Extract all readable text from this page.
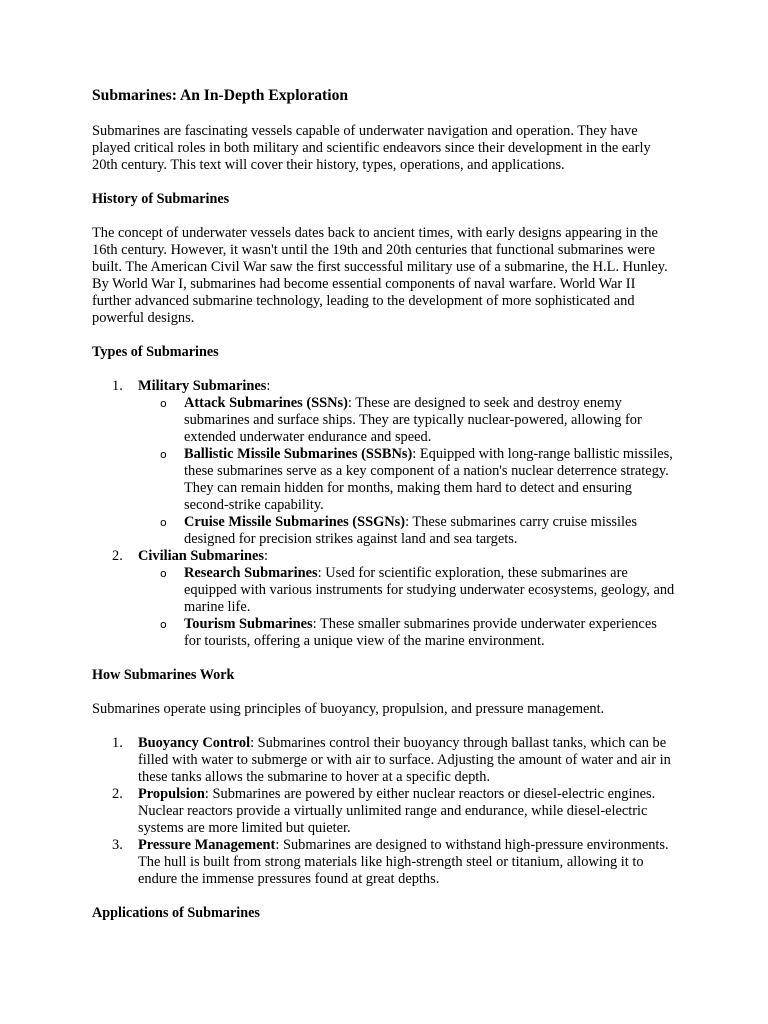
Submarines: An In-Depth Exploration

Submarines are fascinating vessels capable of underwater navigation and operation. They have played critical roles in both military and scientific endeavors since their development in the early 20th century. This text will cover their history, types, operations, and applications.

History of Submarines

The concept of underwater vessels dates back to ancient times, with early designs appearing in the 16th century. However, it wasn't until the 19th and 20th centuries that functional submarines were built. The American Civil War saw the first successful military use of a submarine, the H.L. Hunley. By World War I, submarines had become essential components of naval warfare. World War II further advanced submarine technology, leading to the development of more sophisticated and powerful designs.

Types of Submarines
1. Military Submarines:
o Attack Submarines (SSNs): These are designed to seek and destroy enemy submarines and surface ships. They are typically nuclear-powered, allowing for extended underwater endurance and speed.
o Ballistic Missile Submarines (SSBNs): Equipped with long-range ballistic missiles, these submarines serve as a key component of a nation's nuclear deterrence strategy. They can remain hidden for months, making them hard to detect and ensuring second-strike capability.
o Cruise Missile Submarines (SSGNs): These submarines carry cruise missiles designed for precision strikes against land and sea targets.
2. Civilian Submarines:
o Research Submarines: Used for scientific exploration, these submarines are equipped with various instruments for studying underwater ecosystems, geology, and marine life.
o Tourism Submarines: These smaller submarines provide underwater experiences for tourists, offering a unique view of the marine environment.
How Submarines Work

Submarines operate using principles of buoyancy, propulsion, and pressure management.

1. Buoyancy Control: Submarines control their buoyancy through ballast tanks, which can be filled with water to submerge or with air to surface. Adjusting the amount of water and air in these tanks allows the submarine to hover at a specific depth.
2. Propulsion: Submarines are powered by either nuclear reactors or diesel-electric engines. Nuclear reactors provide a virtually unlimited range and endurance, while diesel-electric systems are more limited but quieter.
3. Pressure Management: Submarines are designed to withstand high-pressure environments. The hull is built from strong materials like high-strength steel or titanium, allowing it to endure the immense pressures found at great depths.
Applications of Submarines
